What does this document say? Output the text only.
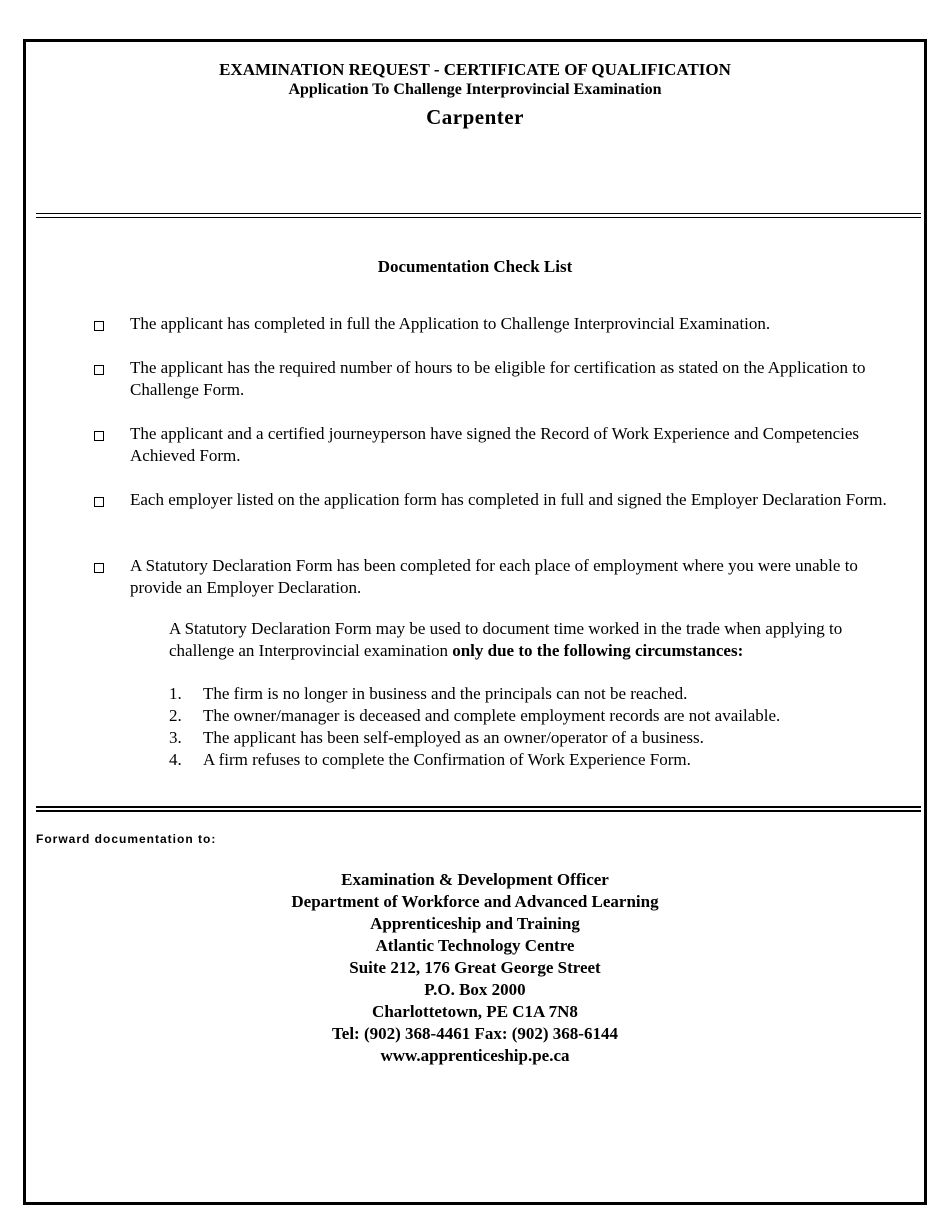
EXAMINATION REQUEST - CERTIFICATE OF QUALIFICATION
Application To Challenge Interprovincial Examination
Carpenter
Documentation Check List
The applicant has completed in full the Application to Challenge Interprovincial Examination.
The applicant has the required number of hours to be eligible for certification as stated on the Application to Challenge Form.
The applicant and a certified journeyperson have signed the Record of Work Experience and Competencies Achieved Form.
Each employer listed on the application form has completed in full and signed the Employer Declaration Form.
A Statutory Declaration Form has been completed for each place of employment where you were unable to provide an Employer Declaration.
A Statutory Declaration Form may be used to document time worked in the trade when applying to challenge an Interprovincial examination only due to the following circumstances:
1. The firm is no longer in business and the principals can not be reached.
2. The owner/manager is deceased and complete employment records are not available.
3. The applicant has been self-employed as an owner/operator of a business.
4. A firm refuses to complete the Confirmation of Work Experience Form.
Forward documentation to:
Examination & Development Officer
Department of Workforce and Advanced Learning
Apprenticeship and Training
Atlantic Technology Centre
Suite 212, 176 Great George Street
P.O. Box 2000
Charlottetown, PE C1A 7N8
Tel: (902) 368-4461 Fax: (902) 368-6144
www.apprenticeship.pe.ca
